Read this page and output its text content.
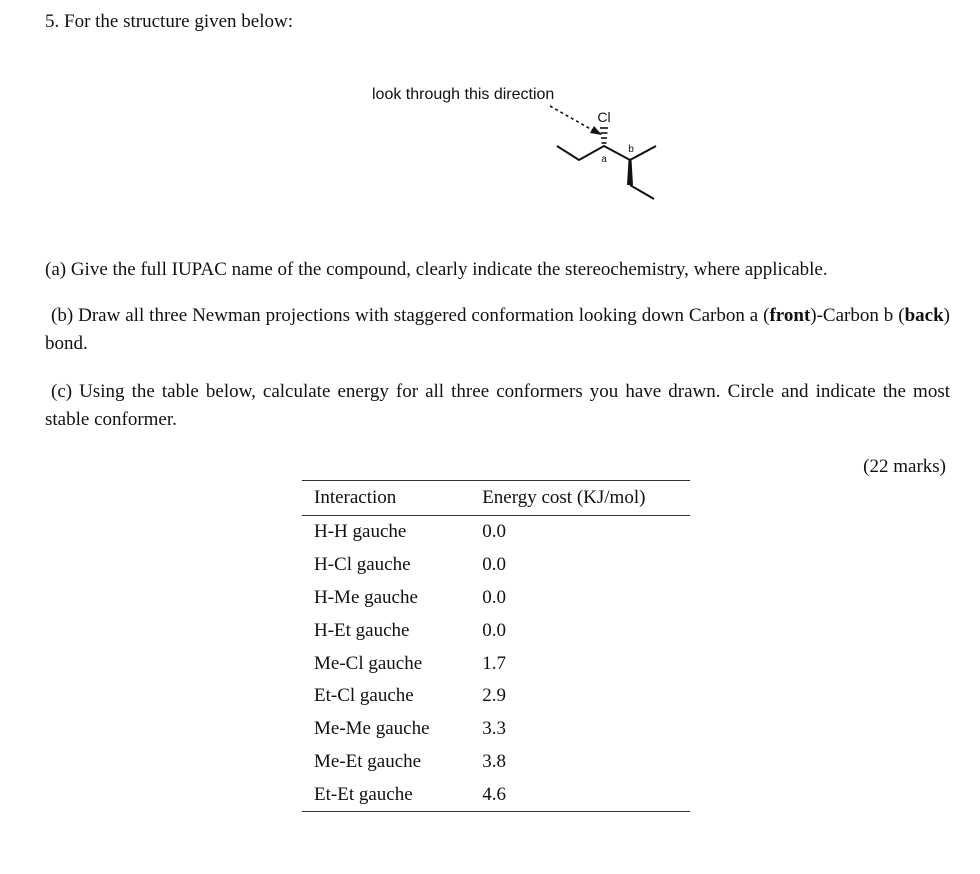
5. For the structure given below:
look through this direction
Cl
a
b
(a) Give the full IUPAC name of the compound, clearly indicate the stereochemistry, where applicable.
(b) Draw all three Newman projections with staggered conformation looking down Carbon a (front)-Carbon b (back) bond.
(c) Using the table below, calculate energy for all three conformers you have drawn. Circle and indicate the most stable conformer.
(22 marks)
Interaction	Energy cost (KJ/mol)
H-H gauche	0.0
H-Cl gauche	0.0
H-Me gauche	0.0
H-Et gauche	0.0
Me-Cl gauche	1.7
Et-Cl gauche	2.9
Me-Me gauche	3.3
Me-Et gauche	3.8
Et-Et gauche	4.6
